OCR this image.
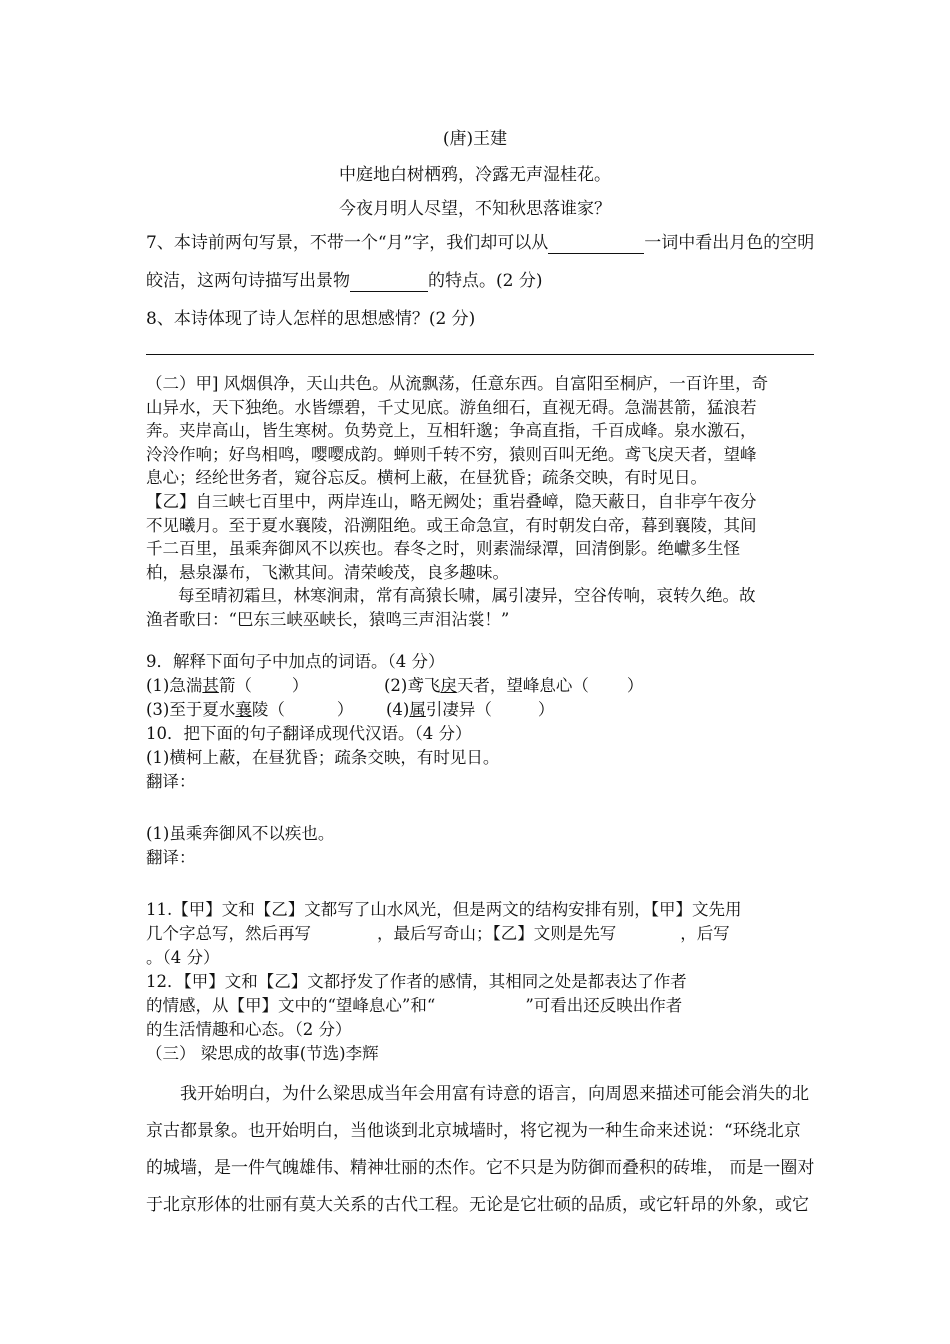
(唐)王建
中庭地白树栖鸦，冷露无声湿桂花。
今夜月明人尽望，不知秋思落谁家？
7、本诗前两句写景，不带一个“月”字，我们却可以从	一词中看出月色的空明
皎洁，这两句诗描写出景物	的特点。(2 分)
8、本诗体现了诗人怎样的思想感情？(2 分)
（二）甲] 风烟俱净，天山共色。从流飘荡，任意东西。自富阳至桐庐，一百许里，奇
山异水，天下独绝。水皆缥碧，千丈见底。游鱼细石，直视无碍。急湍甚箭，猛浪若
奔。夹岸高山，皆生寒树。负势竞上，互相轩邈；争高直指，千百成峰。泉水激石，
泠泠作响；好鸟相鸣，嘤嘤成韵。蝉则千转不穷，猿则百叫无绝。鸢飞戾天者，望峰
息心；经纶世务者，窥谷忘反。横柯上蔽，在昼犹昏；疏条交映，有时见日。
【乙】自三峡七百里中，两岸连山，略无阙处；重岩叠嶂，隐天蔽日，自非亭午夜分
不见曦月。至于夏水襄陵，沿溯阻绝。或王命急宣，有时朝发白帝，暮到襄陵，其间
千二百里，虽乘奔御风不以疾也。春冬之时，则素湍绿潭，回清倒影。绝巘多生怪
柏，悬泉瀑布，飞漱其间。清荣峻茂，良多趣味。
每至晴初霜旦，林寒涧肃，常有高猿长啸，属引凄异，空谷传响，哀转久绝。故
渔者歌曰：“巴东三峡巫峡长，猿鸣三声泪沾裳！”
9．解释下面句子中加点的词语。（4 分）
(1)急湍甚箭（ ）	(2)鸢飞戾天者，望峰息心（ ）
(3)至于夏水襄陵（	） (4)属引凄异（	）
10．把下面的句子翻译成现代汉语。（4 分）
(1)横柯上蔽，在昼犹昏；疏条交映，有时见日。
翻译：
(1)虽乘奔御风不以疾也。
翻译：
11.【甲】文和【乙】文都写了山水风光，但是两文的结构安排有别，【甲】文先用
几个字总写，然后再写	，最后写奇山；【乙】文则是先写	，后写
。（4 分）
12．【甲】文和【乙】文都抒发了作者的感情，其相同之处是都表达了作者
的情感，从【甲】文中的“望峰息心”和“	”可看出还反映出作者
的生活情趣和心态。（2 分）
（三） 梁思成的故事(节选)李辉
我开始明白，为什么梁思成当年会用富有诗意的语言，向周恩来描述可能会消失的北
京古都景象。也开始明白，当他谈到北京城墙时，将它视为一种生命来述说：“环绕北京
的城墙，是一件气魄雄伟、精神壮丽的杰作。它不只是为防御而叠积的砖堆， 而是一圈对
于北京形体的壮丽有莫大关系的古代工程。无论是它壮硕的品质，或它轩昂的外象，或它
